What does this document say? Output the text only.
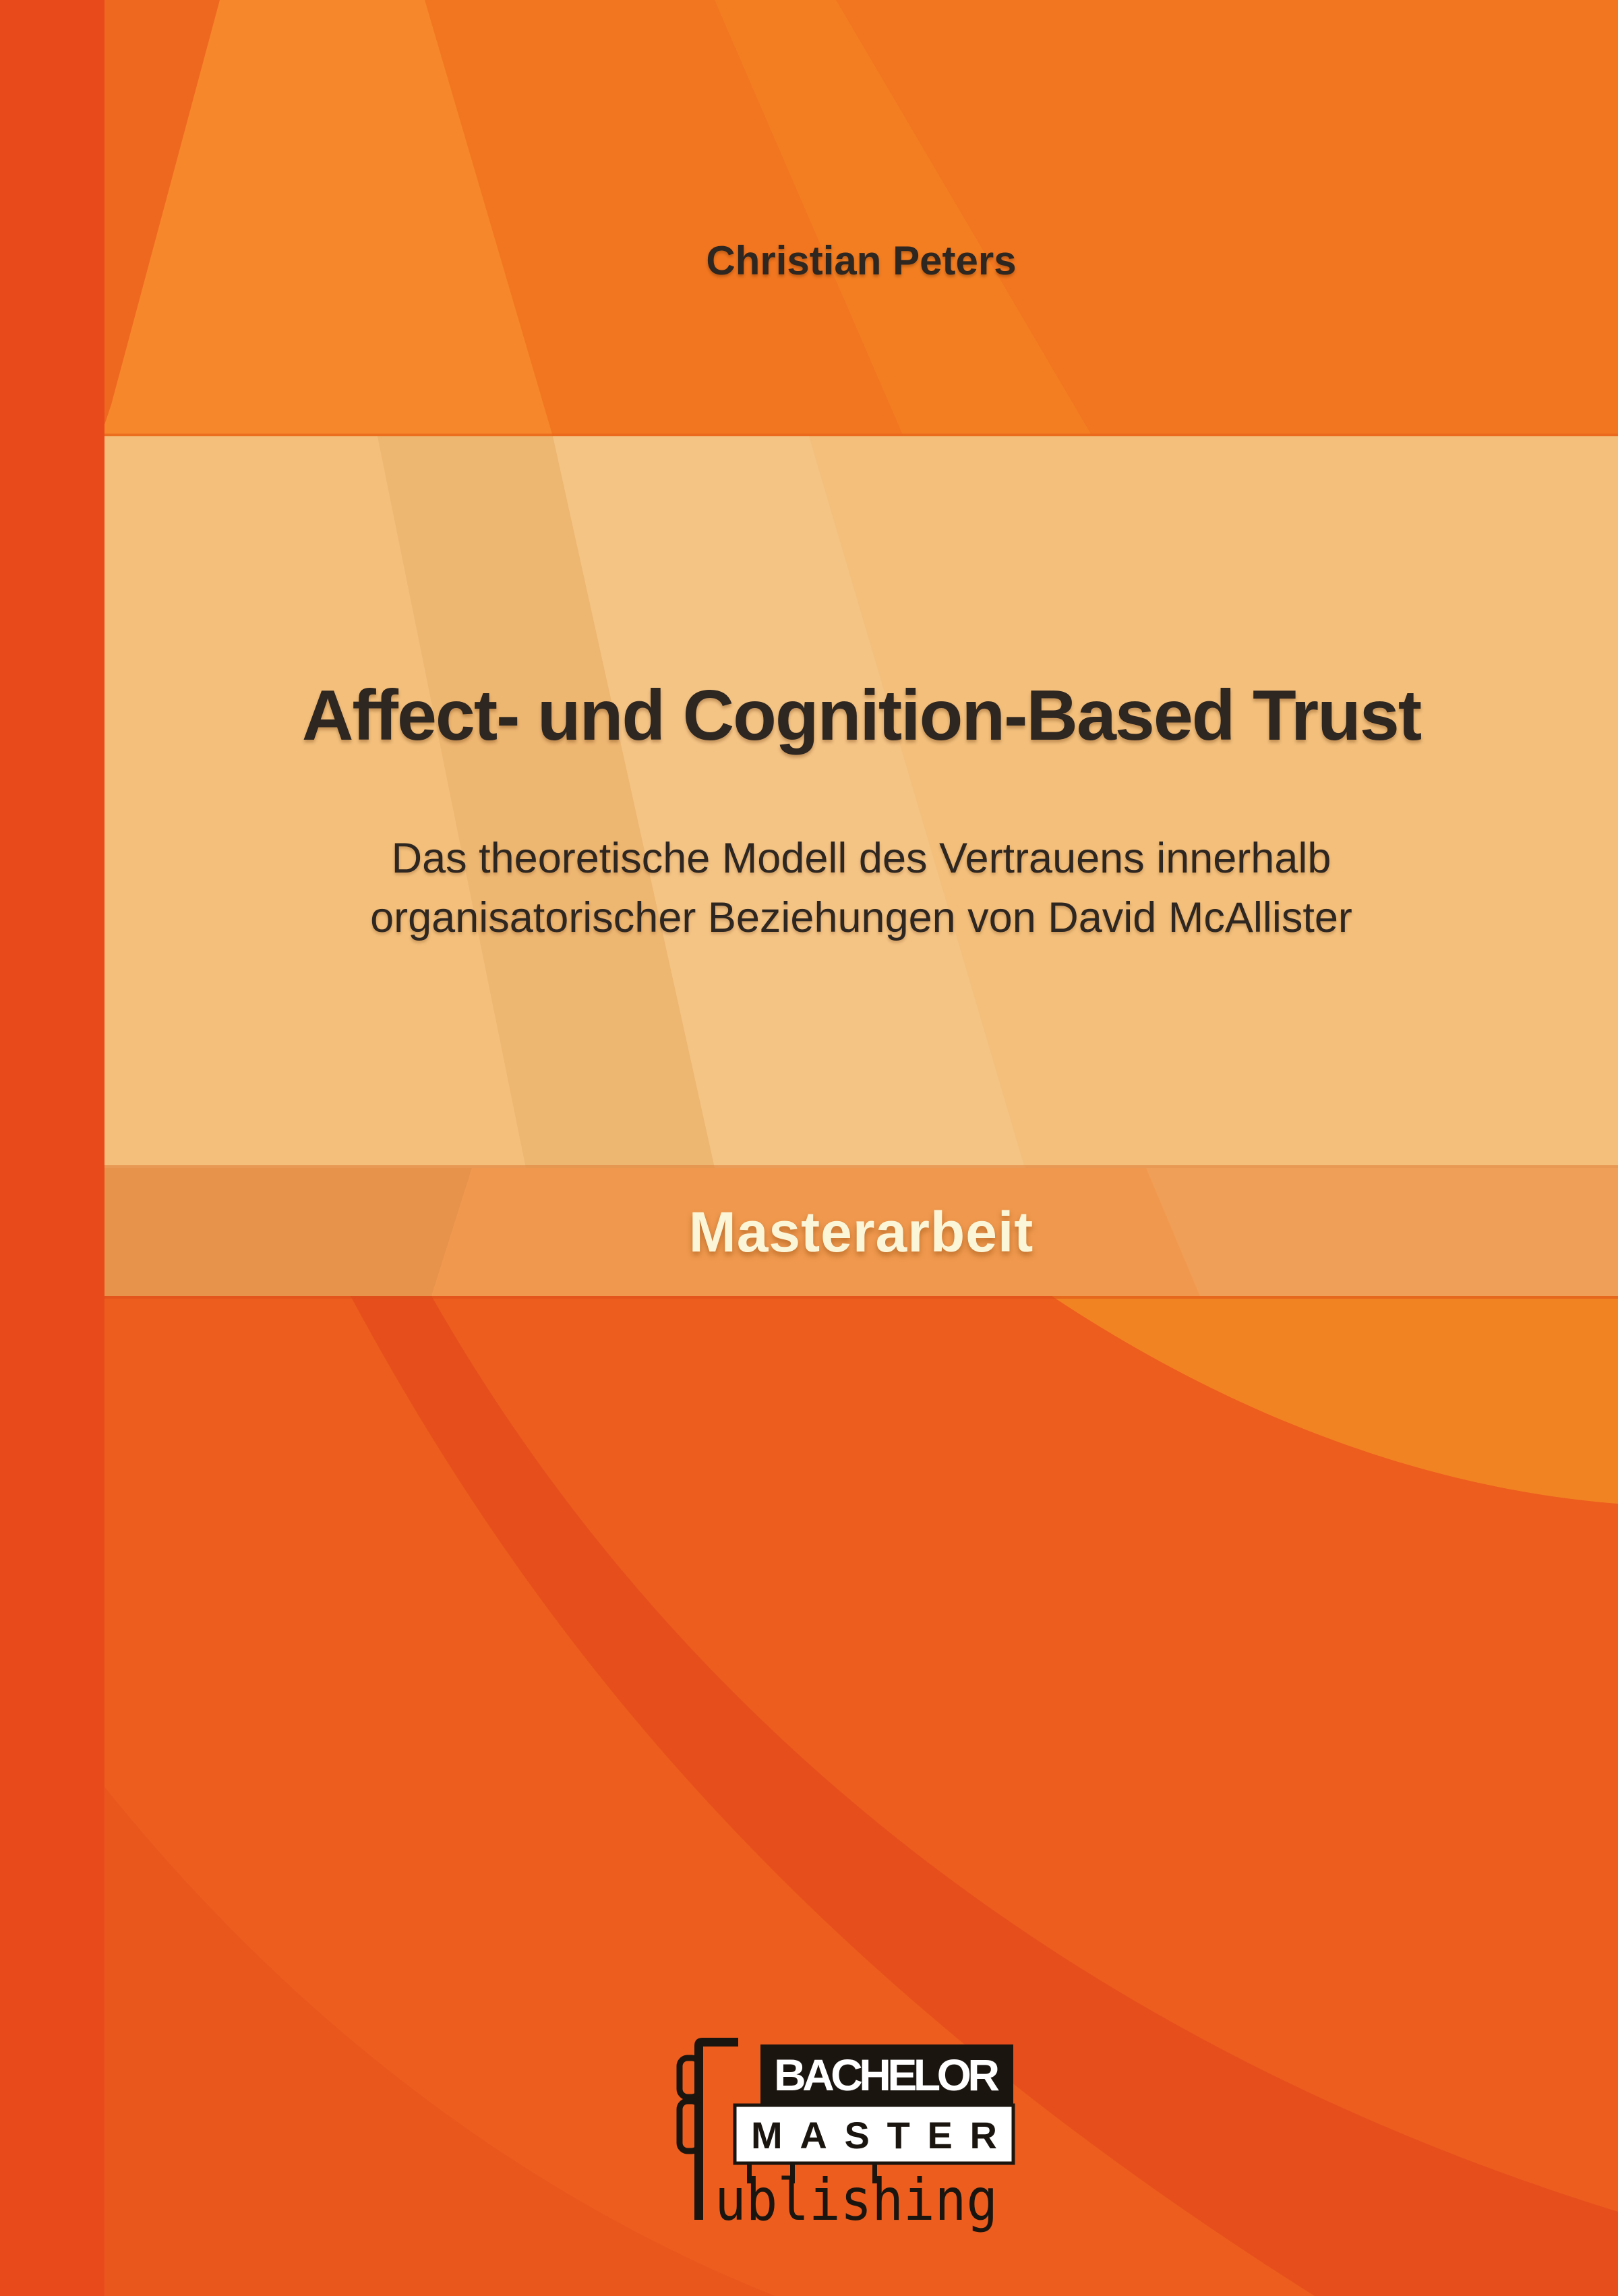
Christian Peters
Affect- und Cognition-Based Trust
Das theoretische Modell des Vertrauens innerhalb
organisatorischer Beziehungen von David McAllister
Masterarbeit
BACHELOR
MASTER
ublishing
